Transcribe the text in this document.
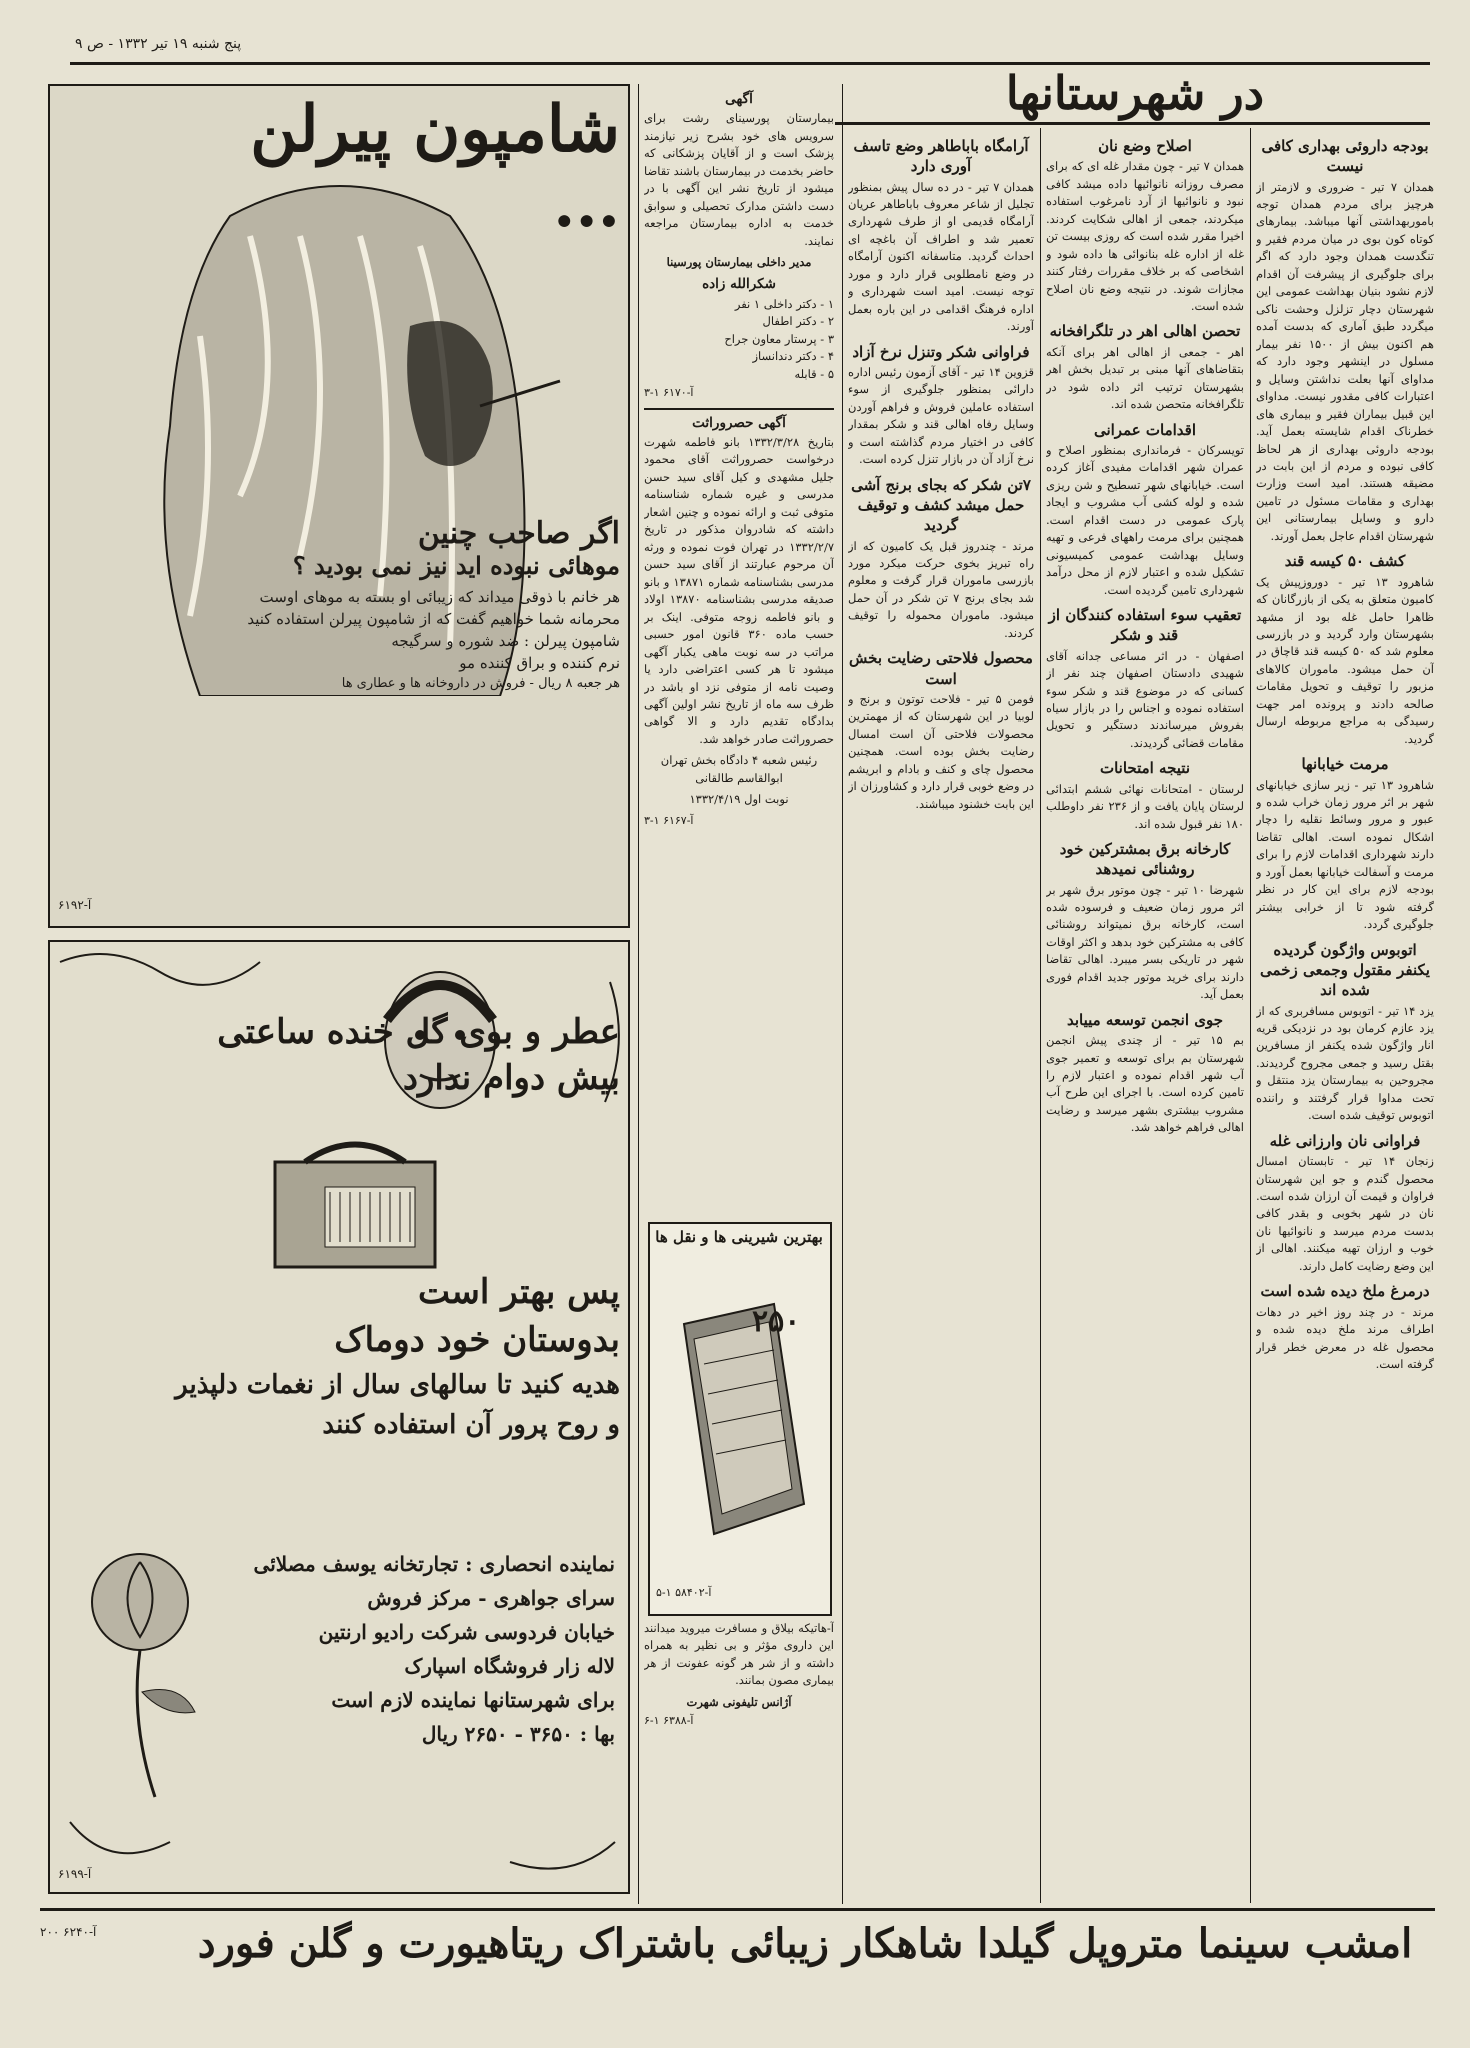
پنج شنبه ۱۹ تیر ۱۳۳۲ - ص ۹
در شهرستانها
بودجه داروئی بهداری کافی نیست

همدان ۷ تیر - ضروری و لازمتر از هرچیز برای مردم همدان توجه باموربهداشتی آنها میباشد. بیمارهای کوتاه کون بوی در میان مردم فقیر و تنگدست همدان وجود دارد که اگر برای جلوگیری از پیشرفت آن اقدام لازم نشود بنیان بهداشت عمومی این شهرستان دچار تزلزل وحشت ناکی میگردد طبق آماری که بدست آمده هم اکنون بیش از ۱۵۰۰ نفر بیمار مسلول در اینشهر وجود دارد که مداوای آنها بعلت نداشتن وسایل و اعتبارات کافی مقدور نیست. مداوای این قبیل بیماران فقیر و بیماری های خطرناک اقدام شایسته بعمل آید. بودجه داروئی بهداری از هر لحاظ کافی نبوده و مردم از این بابت در مضیقه هستند. امید است وزارت بهداری و مقامات مسئول در تامین دارو و وسایل بیمارستانی این شهرستان اقدام عاجل بعمل آورند.

کشف ۵۰ کیسه قند

شاهرود ۱۳ تیر - دوروزپیش یک کامیون متعلق به یکی از بازرگانان که ظاهرا حامل غله بود از مشهد بشهرستان وارد گردید و در بازرسی معلوم شد که ۵۰ کیسه قند قاچاق در آن حمل میشود. ماموران کالاهای مزبور را توقیف و تحویل مقامات صالحه دادند و پرونده امر جهت رسیدگی به مراجع مربوطه ارسال گردید.

مرمت خیابانها

شاهرود ۱۳ تیر - زیر سازی خیابانهای شهر بر اثر مرور زمان خراب شده و عبور و مرور وسائط نقلیه را دچار اشکال نموده است. اهالی تقاضا دارند شهرداری اقدامات لازم را برای مرمت و آسفالت خیابانها بعمل آورد و بودجه لازم برای این کار در نظر گرفته شود تا از خرابی بیشتر جلوگیری گردد.

اتوبوس واژگون گردیده یکنفر مقتول وجمعی زخمی شده اند

یزد ۱۴ تیر - اتوبوس مسافربری که از یزد عازم کرمان بود در نزدیکی قریه انار واژگون شده یکنفر از مسافرین بقتل رسید و جمعی مجروح گردیدند. مجروحین به بیمارستان یزد منتقل و تحت مداوا قرار گرفتند و راننده اتوبوس توقیف شده است.

فراوانی نان وارزانی غله

زنجان ۱۴ تیر - تابستان امسال محصول گندم و جو این شهرستان فراوان و قیمت آن ارزان شده است. نان در شهر بخوبی و بقدر کافی بدست مردم میرسد و نانوائیها نان خوب و ارزان تهیه میکنند. اهالی از این وضع رضایت کامل دارند.

درمرغ ملخ دیده شده است

مرند - در چند روز اخیر در دهات اطراف مرند ملخ دیده شده و محصول غله در معرض خطر قرار گرفته است.

اصلاح وضع نان

همدان ۷ تیر - چون مقدار غله ای که برای مصرف روزانه نانوائیها داده میشد کافی نبود و نانوائیها از آرد نامرغوب استفاده میکردند، جمعی از اهالی شکایت کردند. اخیرا مقرر شده است که روزی بیست تن غله از اداره غله بنانوائی ها داده شود و اشخاصی که بر خلاف مقررات رفتار کنند مجازات شوند. در نتیجه وضع نان اصلاح شده است.

تحصن اهالی اهر در تلگرافخانه

اهر - جمعی از اهالی اهر برای آنکه بتقاضاهای آنها مبنی بر تبدیل بخش اهر بشهرستان ترتیب اثر داده شود در تلگرافخانه متحصن شده اند.

اقدامات عمرانی

تویسرکان - فرمانداری بمنظور اصلاح و عمران شهر اقدامات مفیدی آغاز کرده است. خیابانهای شهر تسطیح و شن ریزی شده و لوله کشی آب مشروب و ایجاد پارک عمومی در دست اقدام است. همچنین برای مرمت راههای فرعی و تهیه وسایل بهداشت عمومی کمیسیونی تشکیل شده و اعتبار لازم از محل درآمد شهرداری تامین گردیده است.

تعقیب سوء استفاده کنندگان از قند و شکر

اصفهان - در اثر مساعی جدانه آقای شهیدی دادستان اصفهان چند نفر از کسانی که در موضوع قند و شکر سوء استفاده نموده و اجناس را در بازار سیاه بفروش میرساندند دستگیر و تحویل مقامات قضائی گردیدند.

نتیجه امتحانات

لرستان - امتحانات نهائی ششم ابتدائی لرستان پایان یافت و از ۲۳۶ نفر داوطلب ۱۸۰ نفر قبول شده اند.

کارخانه برق بمشترکین خود روشنائی نمیدهد

شهرضا ۱۰ تیر - چون موتور برق شهر بر اثر مرور زمان ضعیف و فرسوده شده است، کارخانه برق نمیتواند روشنائی کافی به مشترکین خود بدهد و اکثر اوقات شهر در تاریکی بسر میبرد. اهالی تقاضا دارند برای خرید موتور جدید اقدام فوری بعمل آید.

جوی انجمن توسعه مییابد

بم ۱۵ تیر - از چندی پیش انجمن شهرستان بم برای توسعه و تعمیر جوی آب شهر اقدام نموده و اعتبار لازم را تامین کرده است. با اجرای این طرح آب مشروب بیشتری بشهر میرسد و رضایت اهالی فراهم خواهد شد.

آرامگاه باباطاهر وضع تاسف آوری دارد

همدان ۷ تیر - در ده سال پیش بمنظور تجلیل از شاعر معروف باباطاهر عریان آرامگاه قدیمی او از طرف شهرداری تعمیر شد و اطراف آن باغچه ای احداث گردید. متاسفانه اکنون آرامگاه در وضع نامطلوبی قرار دارد و مورد توجه نیست. امید است شهرداری و اداره فرهنگ اقدامی در این باره بعمل آورند.

فراوانی شکر وتنزل نرخ آزاد

قزوین ۱۴ تیر - آقای آزمون رئیس اداره دارائی بمنظور جلوگیری از سوء استفاده عاملین فروش و فراهم آوردن وسایل رفاه اهالی قند و شکر بمقدار کافی در اختیار مردم گذاشته است و نرخ آزاد آن در بازار تنزل کرده است.

۷تن شکر که بجای برنج آشی حمل میشد کشف و توقیف گردید

مرند - چندروز قبل یک کامیون که از راه تبریز بخوی حرکت میکرد مورد بازرسی ماموران قرار گرفت و معلوم شد بجای برنج ۷ تن شکر در آن حمل میشود. ماموران محموله را توقیف کردند.

محصول فلاحتی رضایت بخش است

فومن ۵ تیر - فلاحت توتون و برنج و لوبیا در این شهرستان که از مهمترین محصولات فلاحتی آن است امسال رضایت بخش بوده است. همچنین محصول چای و کنف و بادام و ابریشم در وضع خوبی قرار دارد و کشاورزان از این بابت خشنود میباشند.

آگهی

بیمارستان پورسینای رشت برای سرویس های خود بشرح زیر نیازمند پزشک است و از آقایان پزشکانی که حاضر بخدمت در بیمارستان باشند تقاضا میشود از تاریخ نشر این آگهی با در دست داشتن مدارک تحصیلی و سوابق خدمت به اداره بیمارستان مراجعه نمایند.

مدیر داخلی بیمارستان پورسینا

شکرالله زاده

۱ - دکتر داخلی ۱ نفر

۲ - دکتر اطفال

۳ - پرستار معاون جراح

۴ - دکتر دندانساز

۵ - قابله

آ-۶۱۷۰ ۱-۳
آگهی حصروراثت

بتاریخ ۱۳۳۲/۳/۲۸ بانو فاطمه شهرت درخواست حصروراثت آقای محمود جلیل مشهدی و کیل آقای سید حسن مدرسی و غیره شماره شناسنامه متوفی ثبت و ارائه نموده و چنین اشعار داشته که شادروان مذکور در تاریخ ۱۳۳۲/۲/۷ در تهران فوت نموده و ورثه آن مرحوم عبارتند از آقای سید حسن مدرسی بشناسنامه شماره ۱۳۸۷۱ و بانو صدیقه مدرسی بشناسنامه ۱۳۸۷۰ اولاد و بانو فاطمه زوجه متوفی. اینک بر حسب ماده ۳۶۰ قانون امور حسبی مراتب در سه نوبت ماهی یکبار آگهی میشود تا هر کسی اعتراضی دارد یا وصیت نامه از متوفی نزد او باشد در ظرف سه ماه از تاریخ نشر اولین آگهی بدادگاه تقدیم دارد و الا گواهی حصروراثت صادر خواهد شد.

رئیس شعبه ۴ دادگاه بخش تهران ابوالقاسم طالقانی

نوبت اول ۱۳۳۲/۴/۱۹

آ-۶۱۶۷ ۱-۳
بهترین شیرینی ها و نقل ها
۲۵۰
آ-۵۸۴۰۲ ۱-۵
آ-هاتیکه بیلاق و مسافرت میروید میدانند این داروی مؤثر و بی نظیر به همراه داشته و از شر هر گونه عفونت از هر بیماری مصون بمانند.
آژانس تلیفونی شهرت
آ-۶۳۸۸ ۱-۶
شامپون پیرلن ...
اگر صاحب چنین
موهائی نبوده اید نیز نمی بودید ؟
هر خانم با ذوقی میداند که زیبائی او بسته به موهای اوست
محرمانه شما خواهیم گفت که از شامپون پیرلن استفاده کنید
شامپون پیرلن : ضد شوره و سرگیجه
نرم کننده و براق کننده مو
هر جعبه ۸ ریال - فروش در داروخانه ها و عطاری ها
آ-۶۱۹۲
عطر و بوی گل خنده ساعتی
بیش دوام ندارد
پس بهتر است
بدوستان خود دوماک
هدیه کنید تا سالهای سال از نغمات دلپذیر
و روح پرور آن استفاده کنند
نماینده انحصاری : تجارتخانه یوسف مصلائی
سرای جواهری - مرکز فروش
خیابان فردوسی شرکت رادیو ارنتین
لاله زار فروشگاه اسپارک
برای شهرستانها نماینده لازم است
بها : ۳۶۵۰ - ۲۶۵۰ ریال
آ-۶۱۹۹
امشب سینما متروپل گیلدا شاهکار زیبائی باشتراک ریتاهیورت و گلن فورد
آ-۶۲۴۰ ۲۰۰
